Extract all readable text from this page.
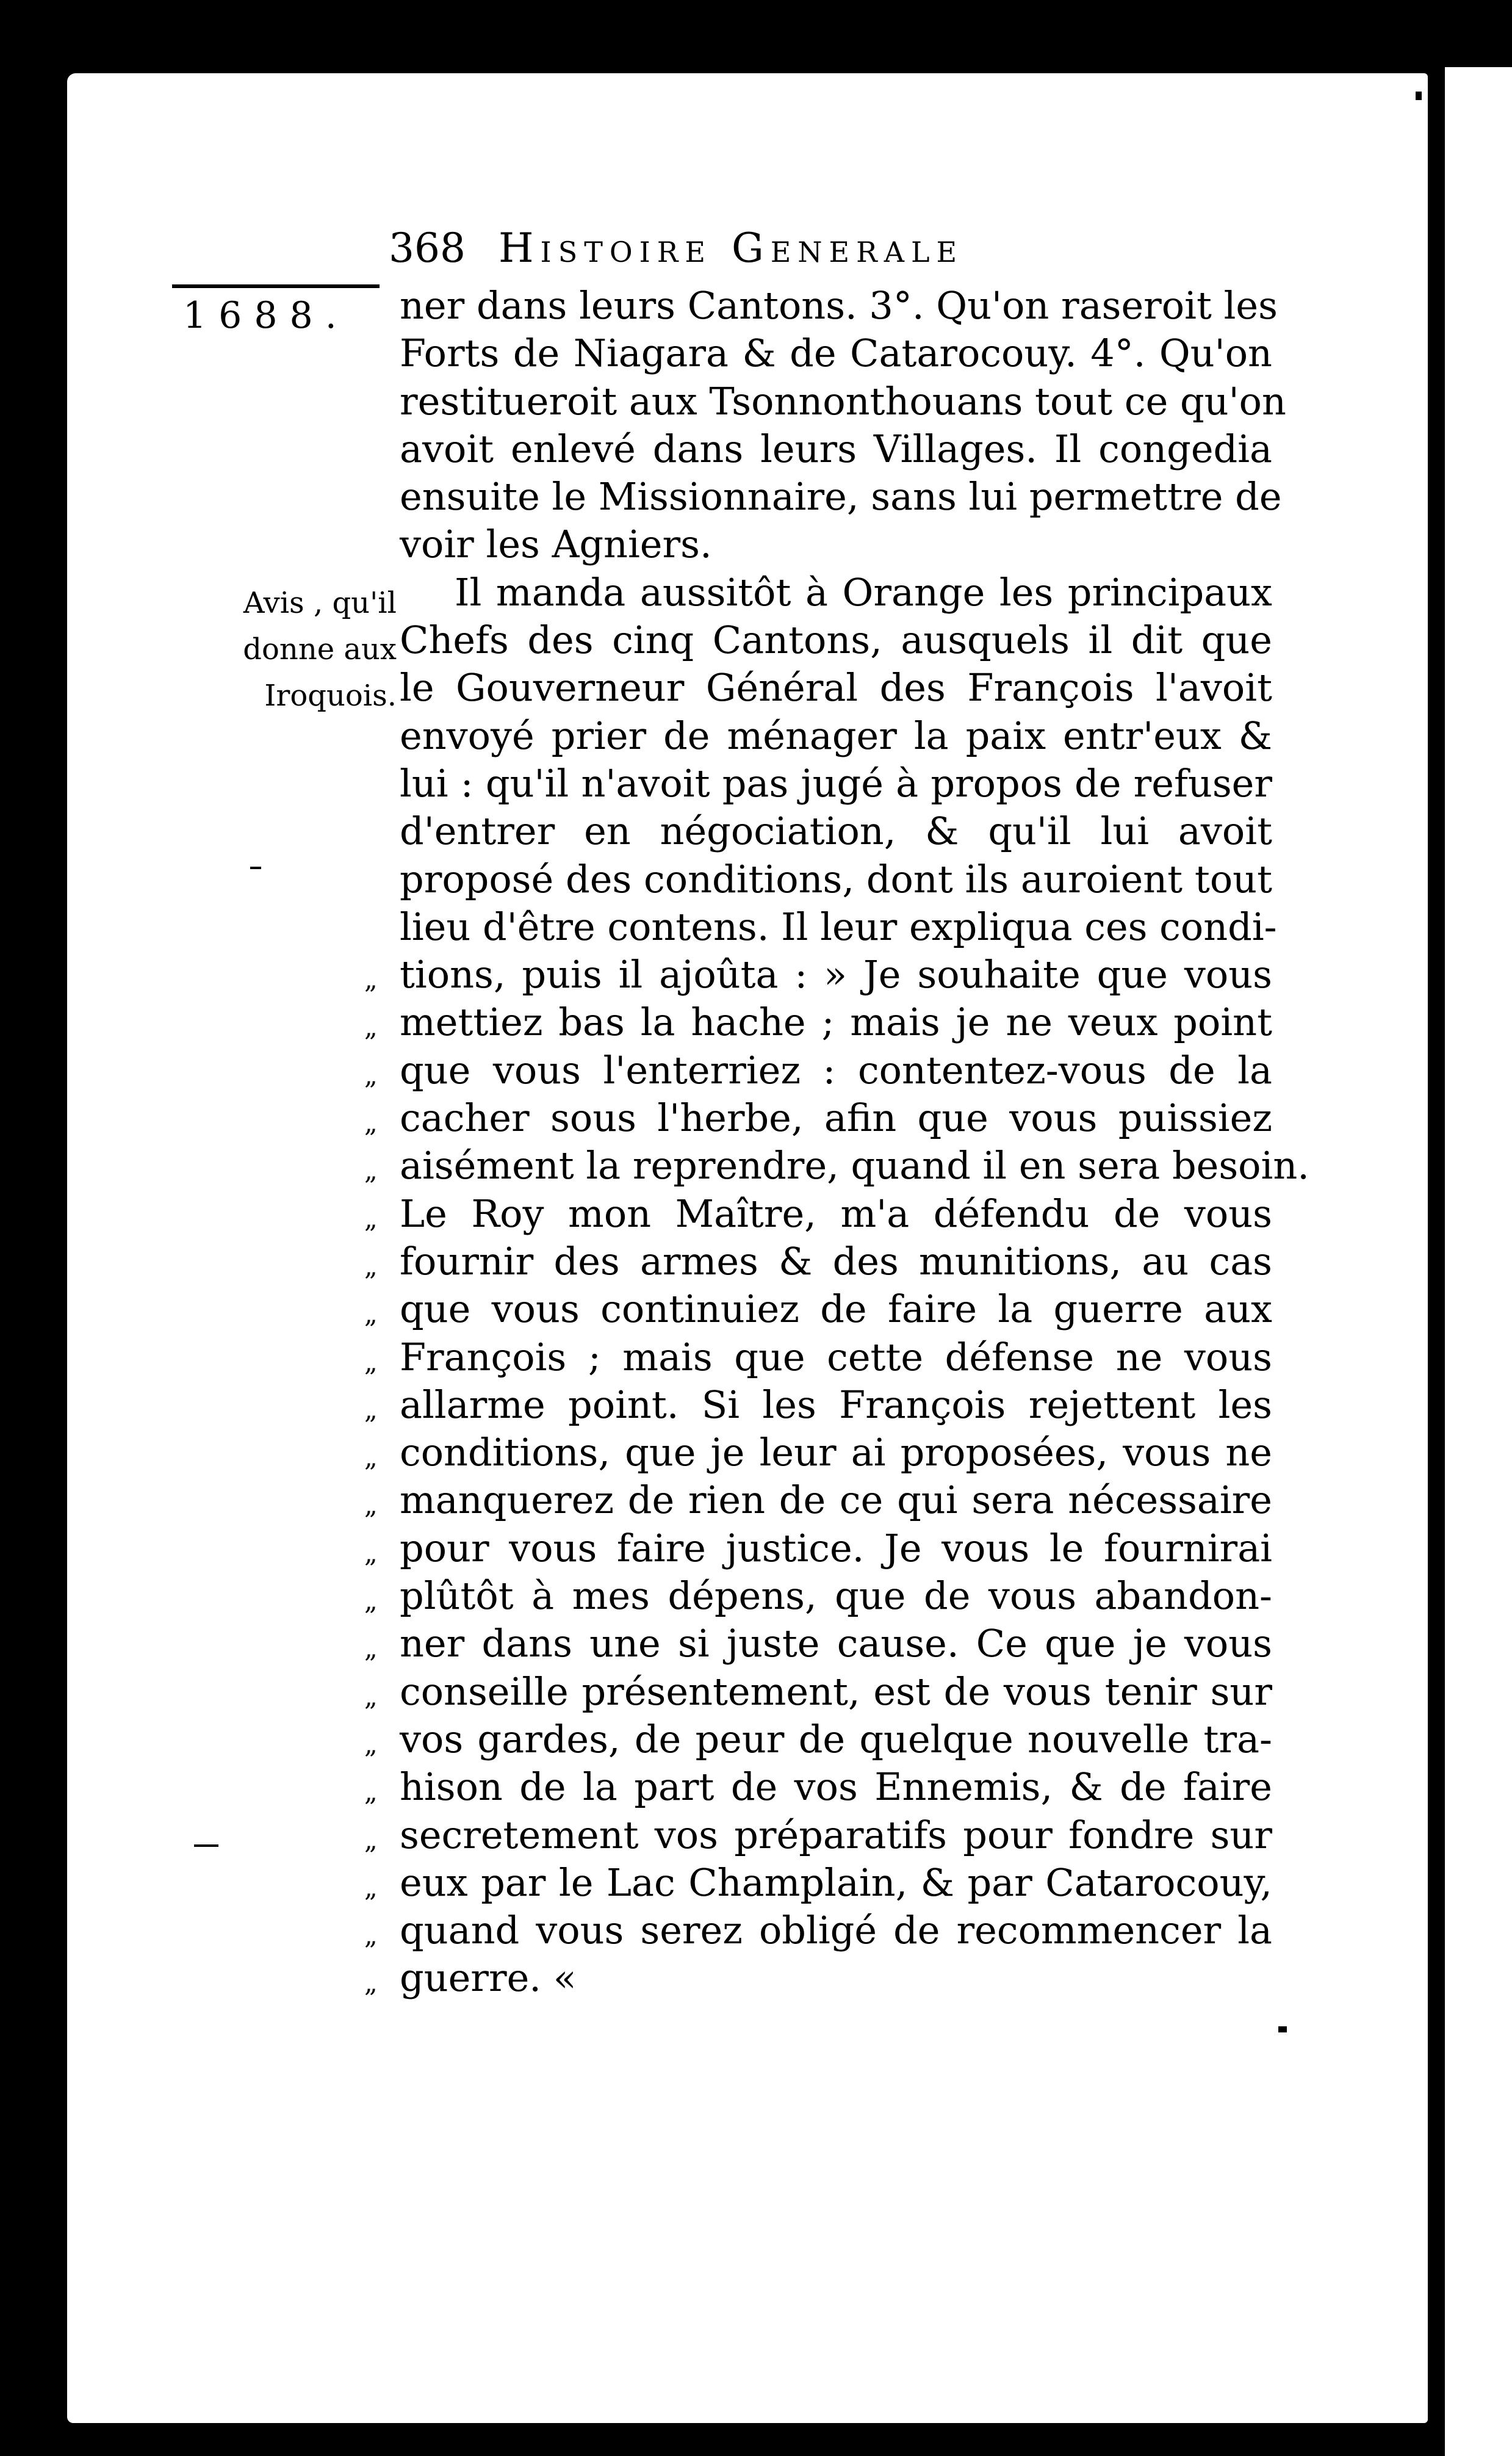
368 Histoire Generale
1688.
Avis , qu'il
donne aux
Iroquois.
ner dans leurs Cantons. 3°. Qu'on raseroit les
Forts de Niagara & de Catarocouy. 4°. Qu'on
restitueroit aux Tsonnonthouans tout ce qu'on
avoit enlevé dans leurs Villages. Il congedia
ensuite le Missionnaire, sans lui permettre de
voir les Agniers.
Il manda aussitôt à Orange les principaux
Chefs des cinq Cantons, ausquels il dit que
le Gouverneur Général des François l'avoit
envoyé prier de ménager la paix entr'eux &
lui : qu'il n'avoit pas jugé à propos de refuser
d'entrer en négociation, & qu'il lui avoit
proposé des conditions, dont ils auroient tout
lieu d'être contens. Il leur expliqua ces condi-
„ tions, puis il ajoûta : » Je souhaite que vous
„ mettiez bas la hache ; mais je ne veux point
„ que vous l'enterriez : contentez-vous de la
„ cacher sous l'herbe, afin que vous puissiez
„ aisément la reprendre, quand il en sera besoin.
„ Le Roy mon Maître, m'a défendu de vous
„ fournir des armes & des munitions, au cas
„ que vous continuiez de faire la guerre aux
„ François ; mais que cette défense ne vous
„ allarme point. Si les François rejettent les
„ conditions, que je leur ai proposées, vous ne
„ manquerez de rien de ce qui sera nécessaire
„ pour vous faire justice. Je vous le fournirai
„ plûtôt à mes dépens, que de vous abandon-
„ ner dans une si juste cause. Ce que je vous
„ conseille présentement, est de vous tenir sur
„ vos gardes, de peur de quelque nouvelle tra-
„ hison de la part de vos Ennemis, & de faire
„ secretement vos préparatifs pour fondre sur
„ eux par le Lac Champlain, & par Catarocouy,
„ quand vous serez obligé de recommencer la
„ guerre. «
